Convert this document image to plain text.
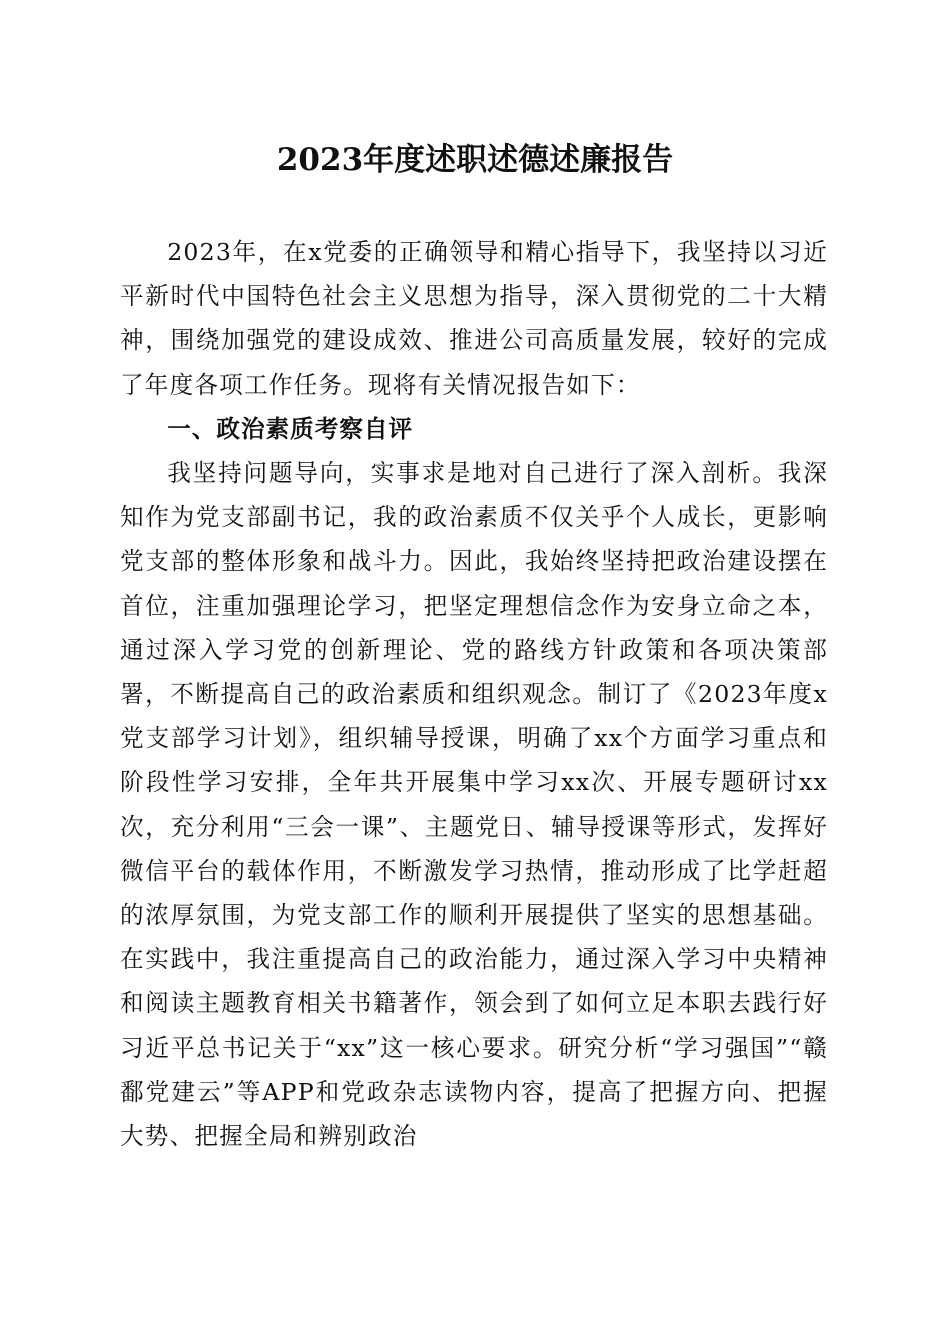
2023年度述职述德述廉报告

2023年，在x党委的正确领导和精心指导下，我坚持以习近平新时代中国特色社会主义思想为指导，深入贯彻党的二十大精神，围绕加强党的建设成效、推进公司高质量发展，较好的完成了年度各项工作任务。现将有关情况报告如下：

一、政治素质考察自评

我坚持问题导向，实事求是地对自己进行了深入剖析。我深知作为党支部副书记，我的政治素质不仅关乎个人成长，更影响党支部的整体形象和战斗力。因此，我始终坚持把政治建设摆在首位，注重加强理论学习，把坚定理想信念作为安身立命之本，通过深入学习党的创新理论、党的路线方针政策和各项决策部署，不断提高自己的政治素质和组织观念。制订了《2023年度x党支部学习计划》，组织辅导授课，明确了xx个方面学习重点和阶段性学习安排，全年共开展集中学习xx次、开展专题研讨xx次，充分利用“三会一课”、主题党日、辅导授课等形式，发挥好微信平台的载体作用，不断激发学习热情，推动形成了比学赶超的浓厚氛围，为党支部工作的顺利开展提供了坚实的思想基础。在实践中，我注重提高自己的政治能力，通过深入学习中央精神和阅读主题教育相关书籍著作，领会到了如何立足本职去践行好习近平总书记关于“xx”这一核心要求。研究分析“学习强国”“赣鄱党建云”等APP和党政杂志读物内容，提高了把握方向、把握大势、把握全局和辨别政治
